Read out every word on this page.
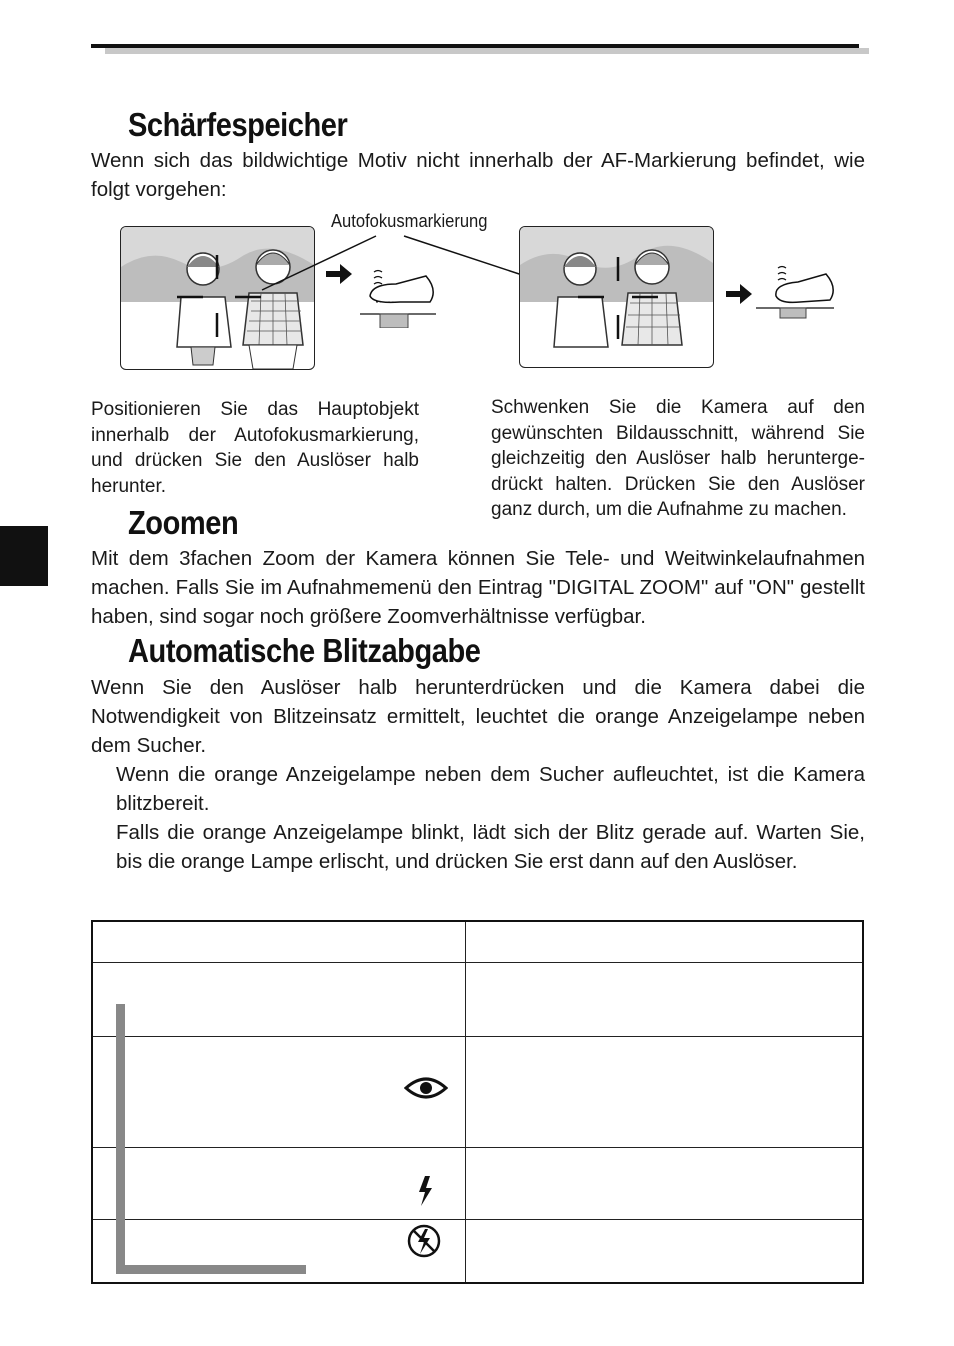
Schärfespeicher

Wenn sich das bildwichtige Motiv nicht innerhalb der AF-Markierung befindet, wie folgt vorgehen:

Autofokusmarkierung

Positionieren Sie das Hauptobjekt innerhalb der Autofokusmarkierung, und drücken Sie den Auslöser halb herunter.

Schwenken Sie die Kamera auf den gewünschten Bildausschnitt, während Sie gleichzeitig den Auslöser halb herunterge-drückt halten. Drücken Sie den Auslöser ganz durch, um die Aufnahme zu machen.

Zoomen

Mit dem 3fachen Zoom der Kamera können Sie Tele- und Weitwinkelaufnahmen machen. Falls Sie im Aufnahmemenü den Eintrag "DIGITAL ZOOM" auf "ON" gestellt haben, sind sogar noch größere Zoomverhältnisse verfügbar.

Automatische Blitzabgabe

Wenn Sie den Auslöser halb herunterdrücken und die Kamera dabei die Notwendigkeit von Blitzeinsatz ermittelt, leuchtet die orange Anzeigelampe neben dem Sucher.

Wenn die orange Anzeigelampe neben dem Sucher aufleuchtet, ist die Kamera blitzbereit.

Falls die orange Anzeigelampe blinkt, lädt sich der Blitz gerade auf. Warten Sie, bis die orange Lampe erlischt, und drücken Sie erst dann auf den Auslöser.
